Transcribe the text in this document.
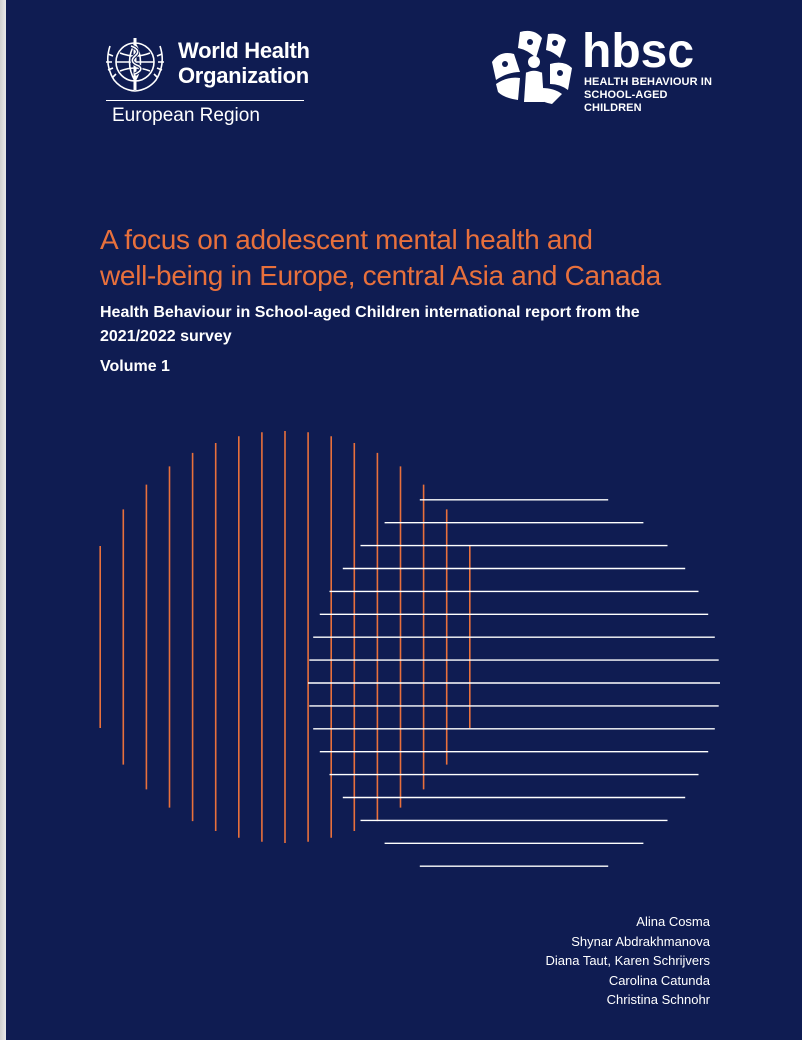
World Health
Organization
European Region
hbsc
HEALTH BEHAVIOUR IN
SCHOOL-AGED CHILDREN
A focus on adolescent mental health and
well-being in Europe, central Asia and Canada
Health Behaviour in School-aged Children international report from the
2021/2022 survey
Volume 1
Alina Cosma
Shynar Abdrakhmanova
Diana Taut, Karen Schrijvers
Carolina Catunda
Christina Schnohr
